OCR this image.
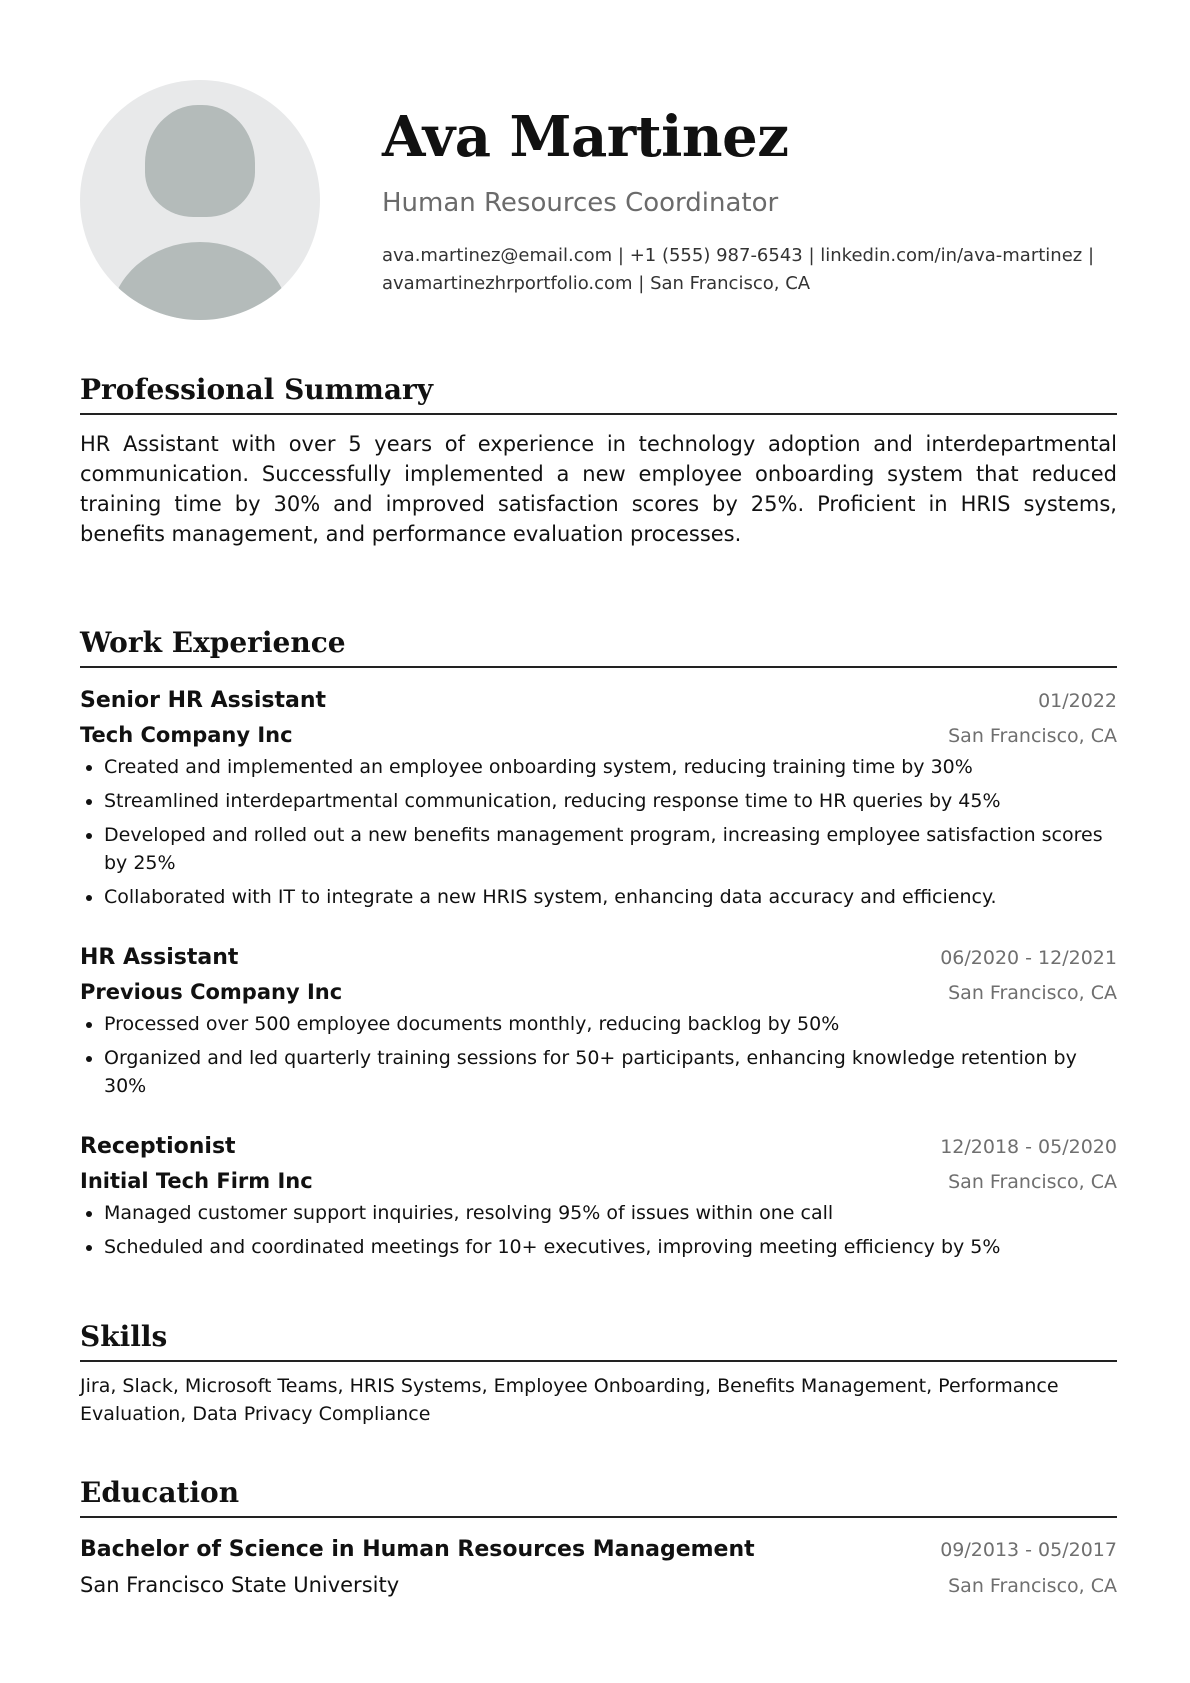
Ava Martinez
Human Resources Coordinator
ava.martinez@email.com | +1 (555) 987-6543 | linkedin.com/in/ava-martinez |
avamartinezhrportfolio.com | San Francisco, CA
Professional Summary

HR Assistant with over 5 years of experience in technology adoption and interdepartmental communication. Successfully implemented a new employee onboarding system that reduced training time by 30% and improved satisfaction scores by 25%. Proficient in HRIS systems, benefits management, and performance evaluation processes.

Work Experience
Senior HR Assistant	01/2022
Tech Company Inc	San Francisco, CA
Created and implemented an employee onboarding system, reducing training time by 30%
Streamlined interdepartmental communication, reducing response time to HR queries by 45%
Developed and rolled out a new benefits management program, increasing employee satisfaction scores by 25%
Collaborated with IT to integrate a new HRIS system, enhancing data accuracy and efficiency.
HR Assistant	06/2020 - 12/2021
Previous Company Inc	San Francisco, CA
Processed over 500 employee documents monthly, reducing backlog by 50%
Organized and led quarterly training sessions for 50+ participants, enhancing knowledge retention by 30%
Receptionist	12/2018 - 05/2020
Initial Tech Firm Inc	San Francisco, CA
Managed customer support inquiries, resolving 95% of issues within one call
Scheduled and coordinated meetings for 10+ executives, improving meeting efficiency by 5%
Skills

Jira, Slack, Microsoft Teams, HRIS Systems, Employee Onboarding, Benefits Management, Performance Evaluation, Data Privacy Compliance

Education
Bachelor of Science in Human Resources Management	09/2013 - 05/2017
San Francisco State University	San Francisco, CA
